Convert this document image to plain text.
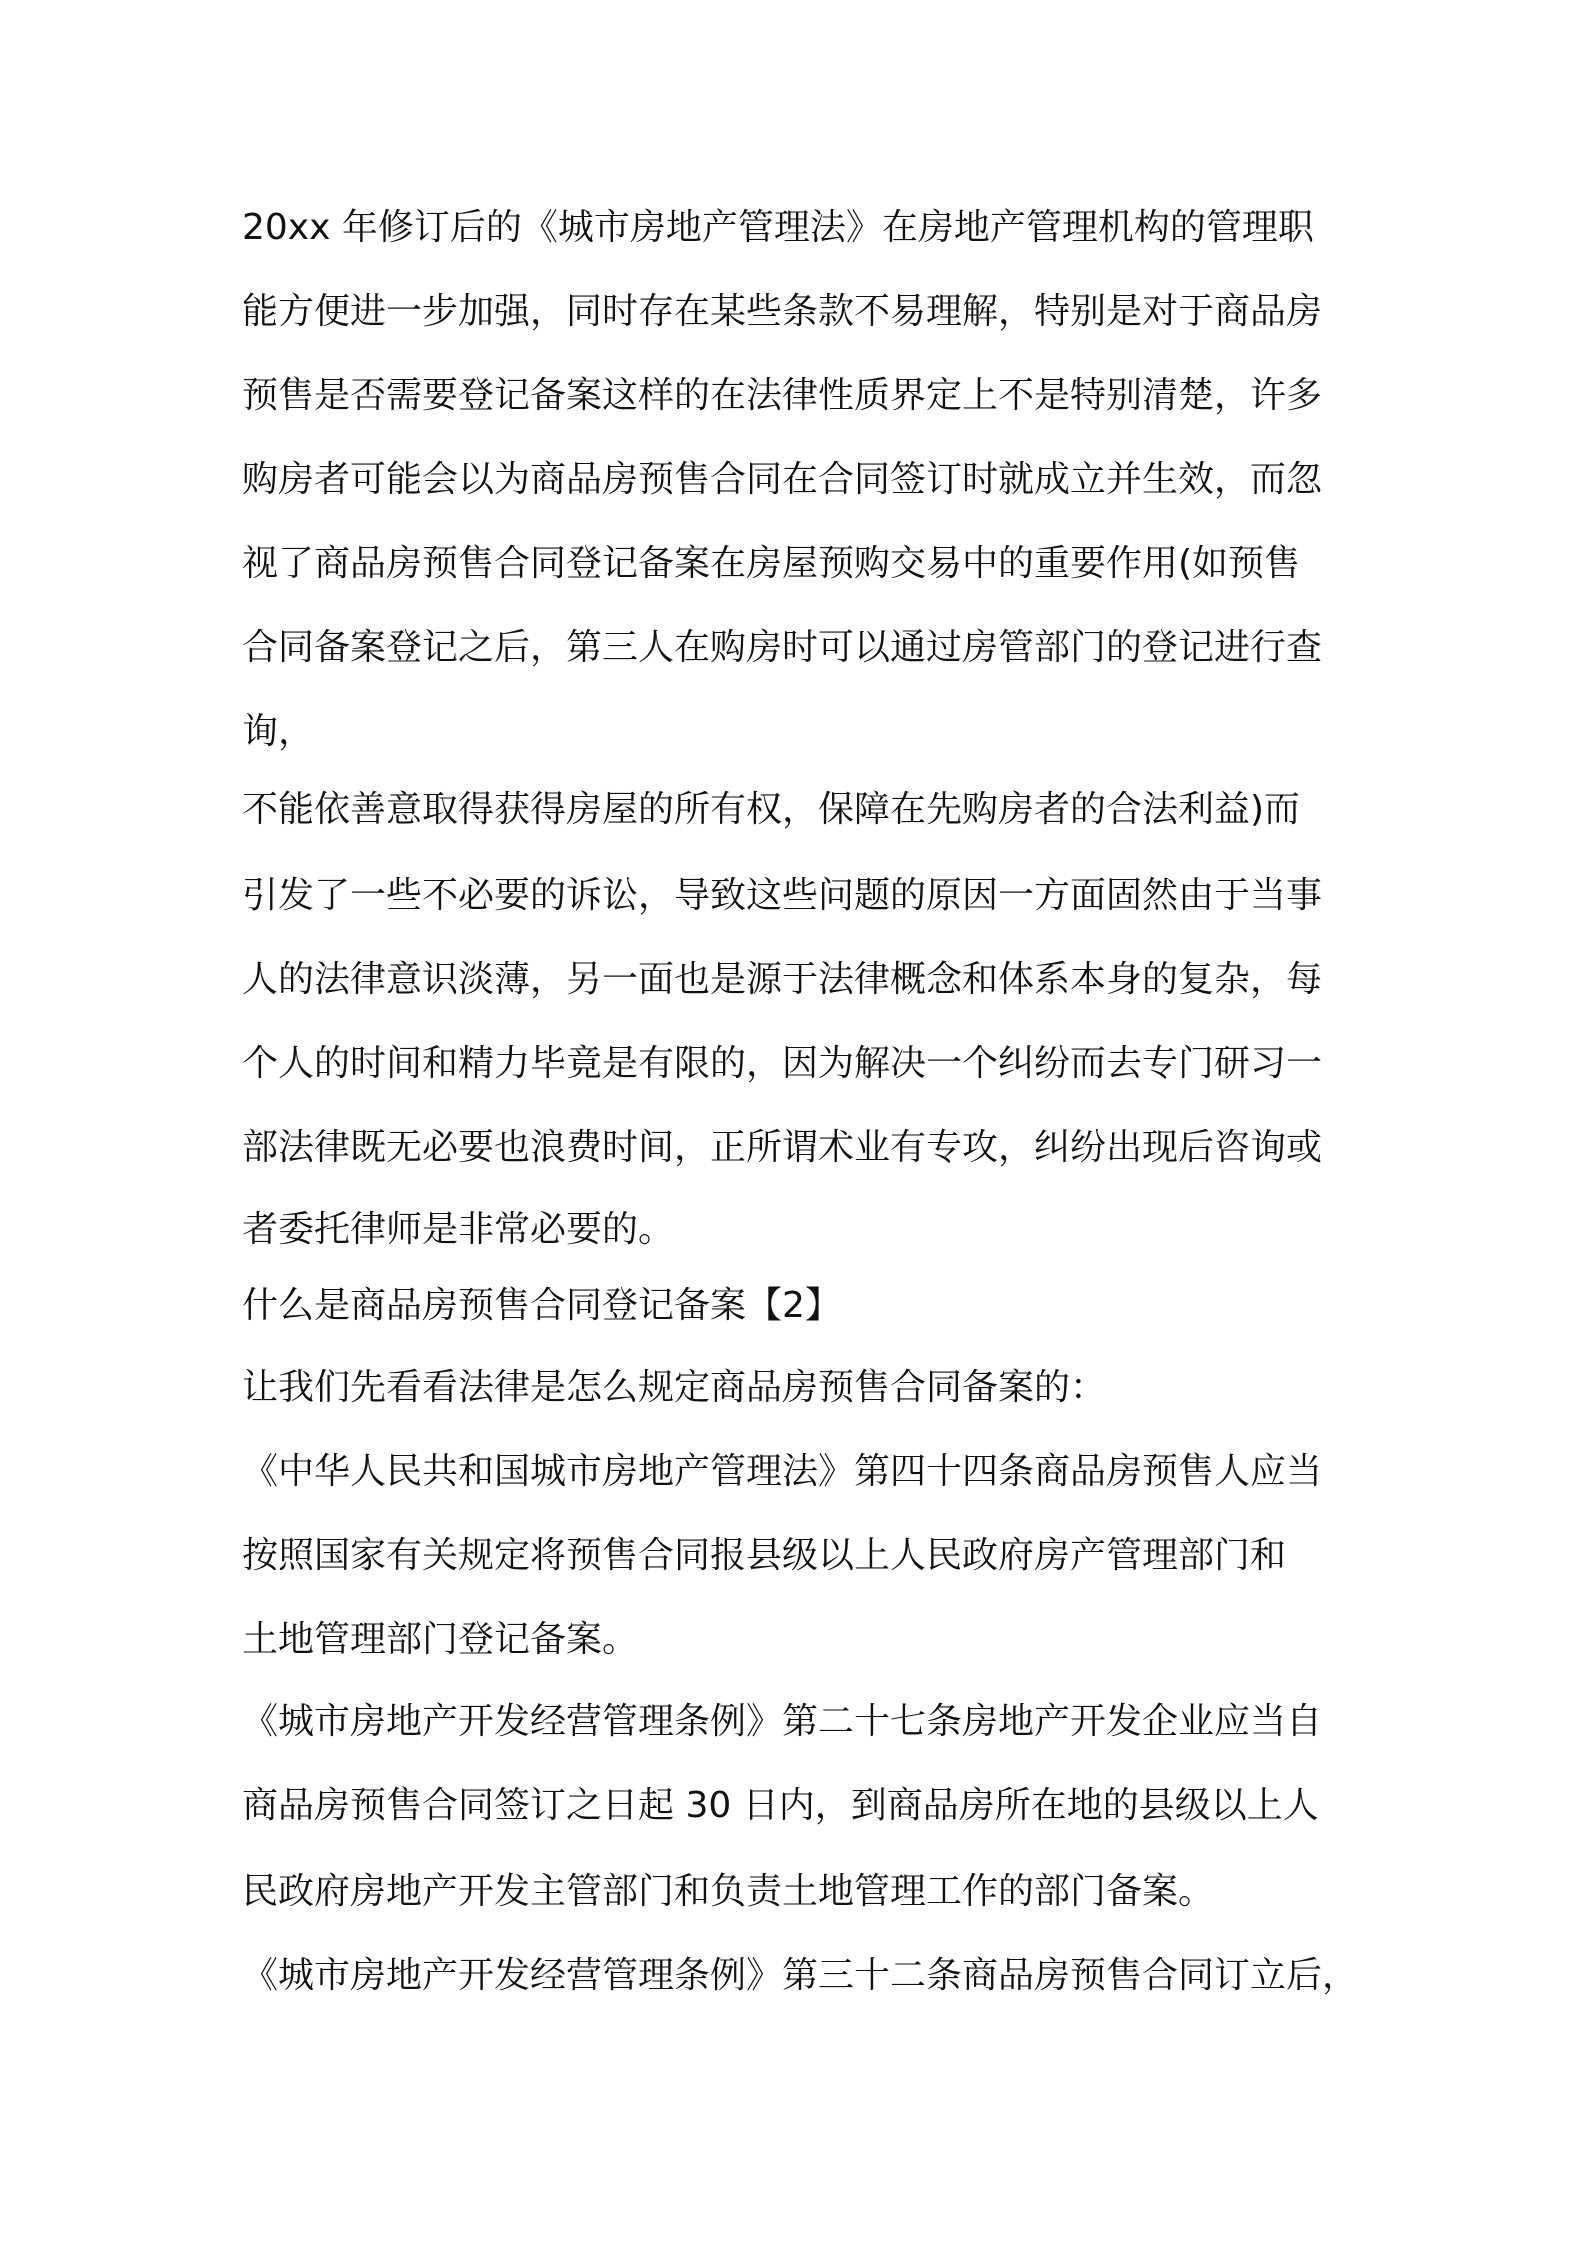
20xx 年修订后的《城市房地产管理法》在房地产管理机构的管理职
能方便进一步加强，同时存在某些条款不易理解，特别是对于商品房
预售是否需要登记备案这样的在法律性质界定上不是特别清楚，许多
购房者可能会以为商品房预售合同在合同签订时就成立并生效，而忽
视了商品房预售合同登记备案在房屋预购交易中的重要作用(如预售
合同备案登记之后，第三人在购房时可以通过房管部门的登记进行查
询，
不能依善意取得获得房屋的所有权，保障在先购房者的合法利益)而
引发了一些不必要的诉讼，导致这些问题的原因一方面固然由于当事
人的法律意识淡薄，另一面也是源于法律概念和体系本身的复杂，每
个人的时间和精力毕竟是有限的，因为解决一个纠纷而去专门研习一
部法律既无必要也浪费时间，正所谓术业有专攻，纠纷出现后咨询或
者委托律师是非常必要的。
什么是商品房预售合同登记备案【2】
让我们先看看法律是怎么规定商品房预售合同备案的：
《中华人民共和国城市房地产管理法》第四十四条商品房预售人应当
按照国家有关规定将预售合同报县级以上人民政府房产管理部门和
土地管理部门登记备案。
《城市房地产开发经营管理条例》第二十七条房地产开发企业应当自
商品房预售合同签订之日起 30 日内，到商品房所在地的县级以上人
民政府房地产开发主管部门和负责土地管理工作的部门备案。
《城市房地产开发经营管理条例》第三十二条商品房预售合同订立后，
